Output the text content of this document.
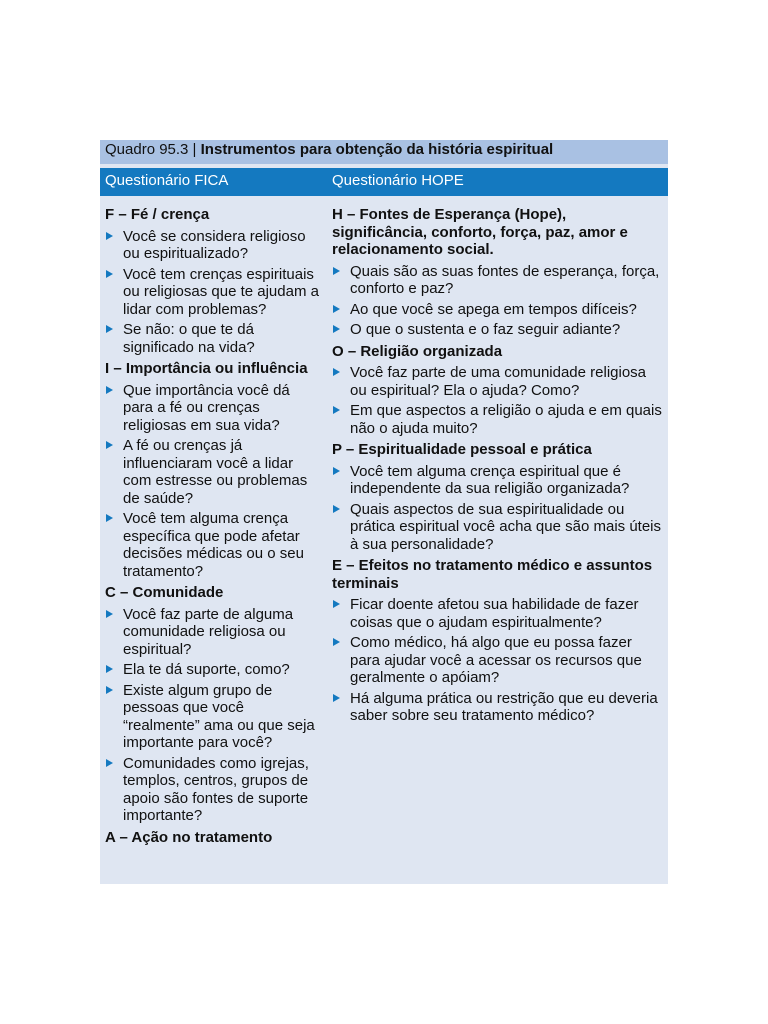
Quadro 95.3 | Instrumentos para obtenção da história espiritual
Questionário FICA	Questionário HOPE
F – Fé / crença
Você se considera religioso ou espiritualizado?
Você tem crenças espirituais ou religiosas que te ajudam a lidar com problemas?
Se não: o que te dá significado na vida?
I – Importância ou influência
Que importância você dá para a fé ou crenças religiosas em sua vida?
A fé ou crenças já influenciaram você a lidar com estresse ou problemas de saúde?
Você tem alguma crença específica que pode afetar decisões médicas ou o seu tratamento?
C – Comunidade
Você faz parte de alguma comunidade religiosa ou espiritual?
Ela te dá suporte, como?
Existe algum grupo de pessoas que você “realmente” ama ou que seja importante para você?
Comunidades como igrejas, templos, centros, grupos de apoio são fontes de suporte importante?
A – Ação no tratamento
H – Fontes de Esperança (Hope), significância, conforto, força, paz, amor e relacionamento social.
Quais são as suas fontes de esperança, força, conforto e paz?
Ao que você se apega em tempos difíceis?
O que o sustenta e o faz seguir adiante?
O – Religião organizada
Você faz parte de uma comunidade religiosa ou espiritual? Ela o ajuda? Como?
Em que aspectos a religião o ajuda e em quais não o ajuda muito?
P – Espiritualidade pessoal e prática
Você tem alguma crença espiritual que é independente da sua religião organizada?
Quais aspectos de sua espiritualidade ou prática espiritual você acha que são mais úteis à sua personalidade?
E – Efeitos no tratamento médico e assuntos terminais
Ficar doente afetou sua habilidade de fazer coisas que o ajudam espiritualmente?
Como médico, há algo que eu possa fazer para ajudar você a acessar os recursos que geralmente o apóiam?
Há alguma prática ou restrição que eu deveria saber sobre seu tratamento médico?
